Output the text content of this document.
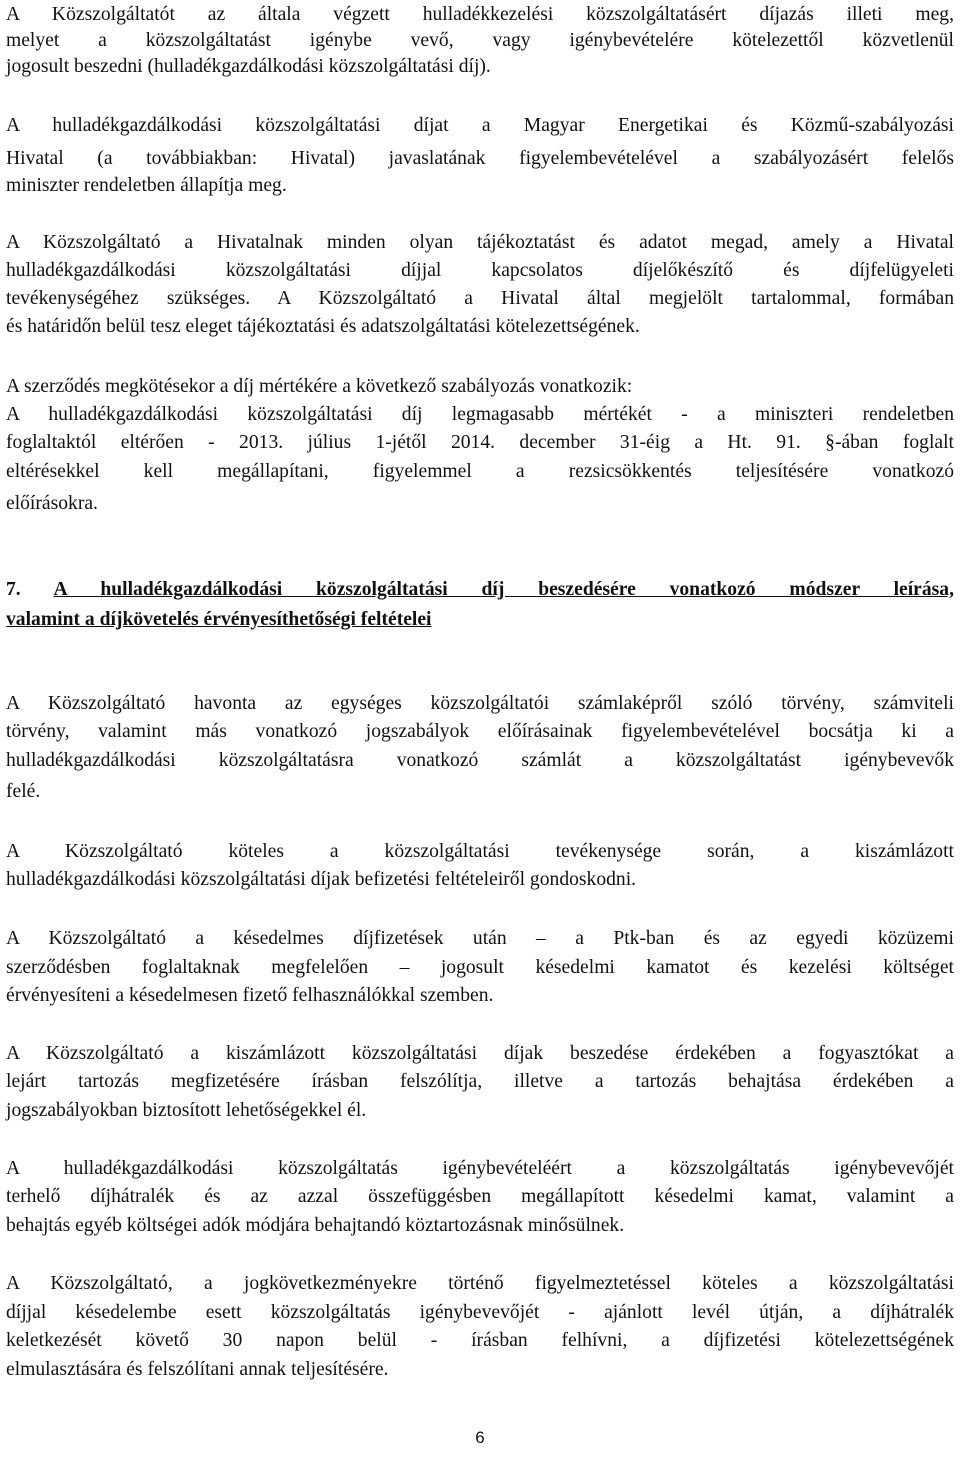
A Közszolgáltatót az általa végzett hulladékkezelési közszolgáltatásért díjazás illeti meg,
melyet a közszolgáltatást igénybe vevő, vagy igénybevételére kötelezettől közvetlenül
jogosult beszedni (hulladékgazdálkodási közszolgáltatási díj).
A hulladékgazdálkodási közszolgáltatási díjat a Magyar Energetikai és Közmű-szabályozási
Hivatal (a továbbiakban: Hivatal) javaslatának figyelembevételével a szabályozásért felelős
miniszter rendeletben állapítja meg.
A Közszolgáltató a Hivatalnak minden olyan tájékoztatást és adatot megad, amely a Hivatal
hulladékgazdálkodási közszolgáltatási díjjal kapcsolatos díjelőkészítő és díjfelügyeleti
tevékenységéhez szükséges. A Közszolgáltató a Hivatal által megjelölt tartalommal, formában
és határidőn belül tesz eleget tájékoztatási és adatszolgáltatási kötelezettségének.
A szerződés megkötésekor a díj mértékére a következő szabályozás vonatkozik:
A hulladékgazdálkodási közszolgáltatási díj legmagasabb mértékét - a miniszteri rendeletben
foglaltaktól eltérően - 2013. július 1-jétől 2014. december 31-éig a Ht. 91. §-ában foglalt
eltérésekkel kell megállapítani, figyelemmel a rezsicsökkentés teljesítésére vonatkozó
előírásokra.
7. A hulladékgazdálkodási közszolgáltatási díj beszedésére vonatkozó módszer leírása,
valamint a díjkövetelés érvényesíthetőségi feltételei
A Közszolgáltató havonta az egységes közszolgáltatói számlaképről szóló törvény, számviteli
törvény, valamint más vonatkozó jogszabályok előírásainak figyelembevételével bocsátja ki a
hulladékgazdálkodási közszolgáltatásra vonatkozó számlát a közszolgáltatást igénybevevők
felé.
A Közszolgáltató köteles a közszolgáltatási tevékenysége során, a kiszámlázott
hulladékgazdálkodási közszolgáltatási díjak befizetési feltételeiről gondoskodni.
A Közszolgáltató a késedelmes díjfizetések után – a Ptk-ban és az egyedi közüzemi
szerződésben foglaltaknak megfelelően – jogosult késedelmi kamatot és kezelési költséget
érvényesíteni a késedelmesen fizető felhasználókkal szemben.
A Közszolgáltató a kiszámlázott közszolgáltatási díjak beszedése érdekében a fogyasztókat a
lejárt tartozás megfizetésére írásban felszólítja, illetve a tartozás behajtása érdekében a
jogszabályokban biztosított lehetőségekkel él.
A hulladékgazdálkodási közszolgáltatás igénybevételéért a közszolgáltatás igénybevevőjét
terhelő díjhátralék és az azzal összefüggésben megállapított késedelmi kamat, valamint a
behajtás egyéb költségei adók módjára behajtandó köztartozásnak minősülnek.
A Közszolgáltató, a jogkövetkezményekre történő figyelmeztetéssel köteles a közszolgáltatási
díjjal késedelembe esett közszolgáltatás igénybevevőjét - ajánlott levél útján, a díjhátralék
keletkezését követő 30 napon belül - írásban felhívni, a díjfizetési kötelezettségének
elmulasztására és felszólítani annak teljesítésére.
6
